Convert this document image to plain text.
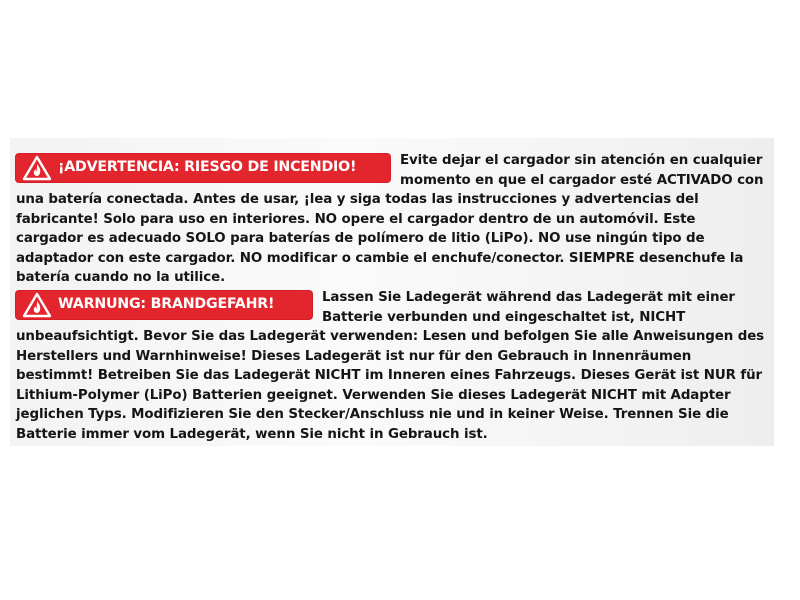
¡ADVERTENCIA: RIESGO DE INCENDIO!	Evite dejar el cargador sin atención en cualquier momento en que el cargador esté ACTIVADO con una batería conectada. Antes de usar, ¡lea y siga todas las instrucciones y advertencias del fabricante! Solo para uso en interiores. NO opere el cargador dentro de un automóvil. Este cargador es adecuado SOLO para baterías de polímero de litio (LiPo). NO use ningún tipo de adaptador con este cargador. NO modificar o cambie el enchufe/conector. SIEMPRE desenchufe la batería cuando no la utilice.
WARNUNG: BRANDGEFAHR!	Lassen Sie Ladegerät während das Ladegerät mit einer Batterie verbunden und eingeschaltet ist, NICHT unbeaufsichtigt. Bevor Sie das Ladegerät verwenden: Lesen und befolgen Sie alle Anweisungen des Herstellers und Warnhinweise! Dieses Ladegerät ist nur für den Gebrauch in Innenräumen bestimmt! Betreiben Sie das Ladegerät NICHT im Inneren eines Fahrzeugs. Dieses Gerät ist NUR für Lithium-Polymer (LiPo) Batterien geeignet. Verwenden Sie dieses Ladegerät NICHT mit Adapter jeglichen Typs. Modifizieren Sie den Stecker/Anschluss nie und in keiner Weise. Trennen Sie die Batterie immer vom Ladegerät, wenn Sie nicht in Gebrauch ist.
